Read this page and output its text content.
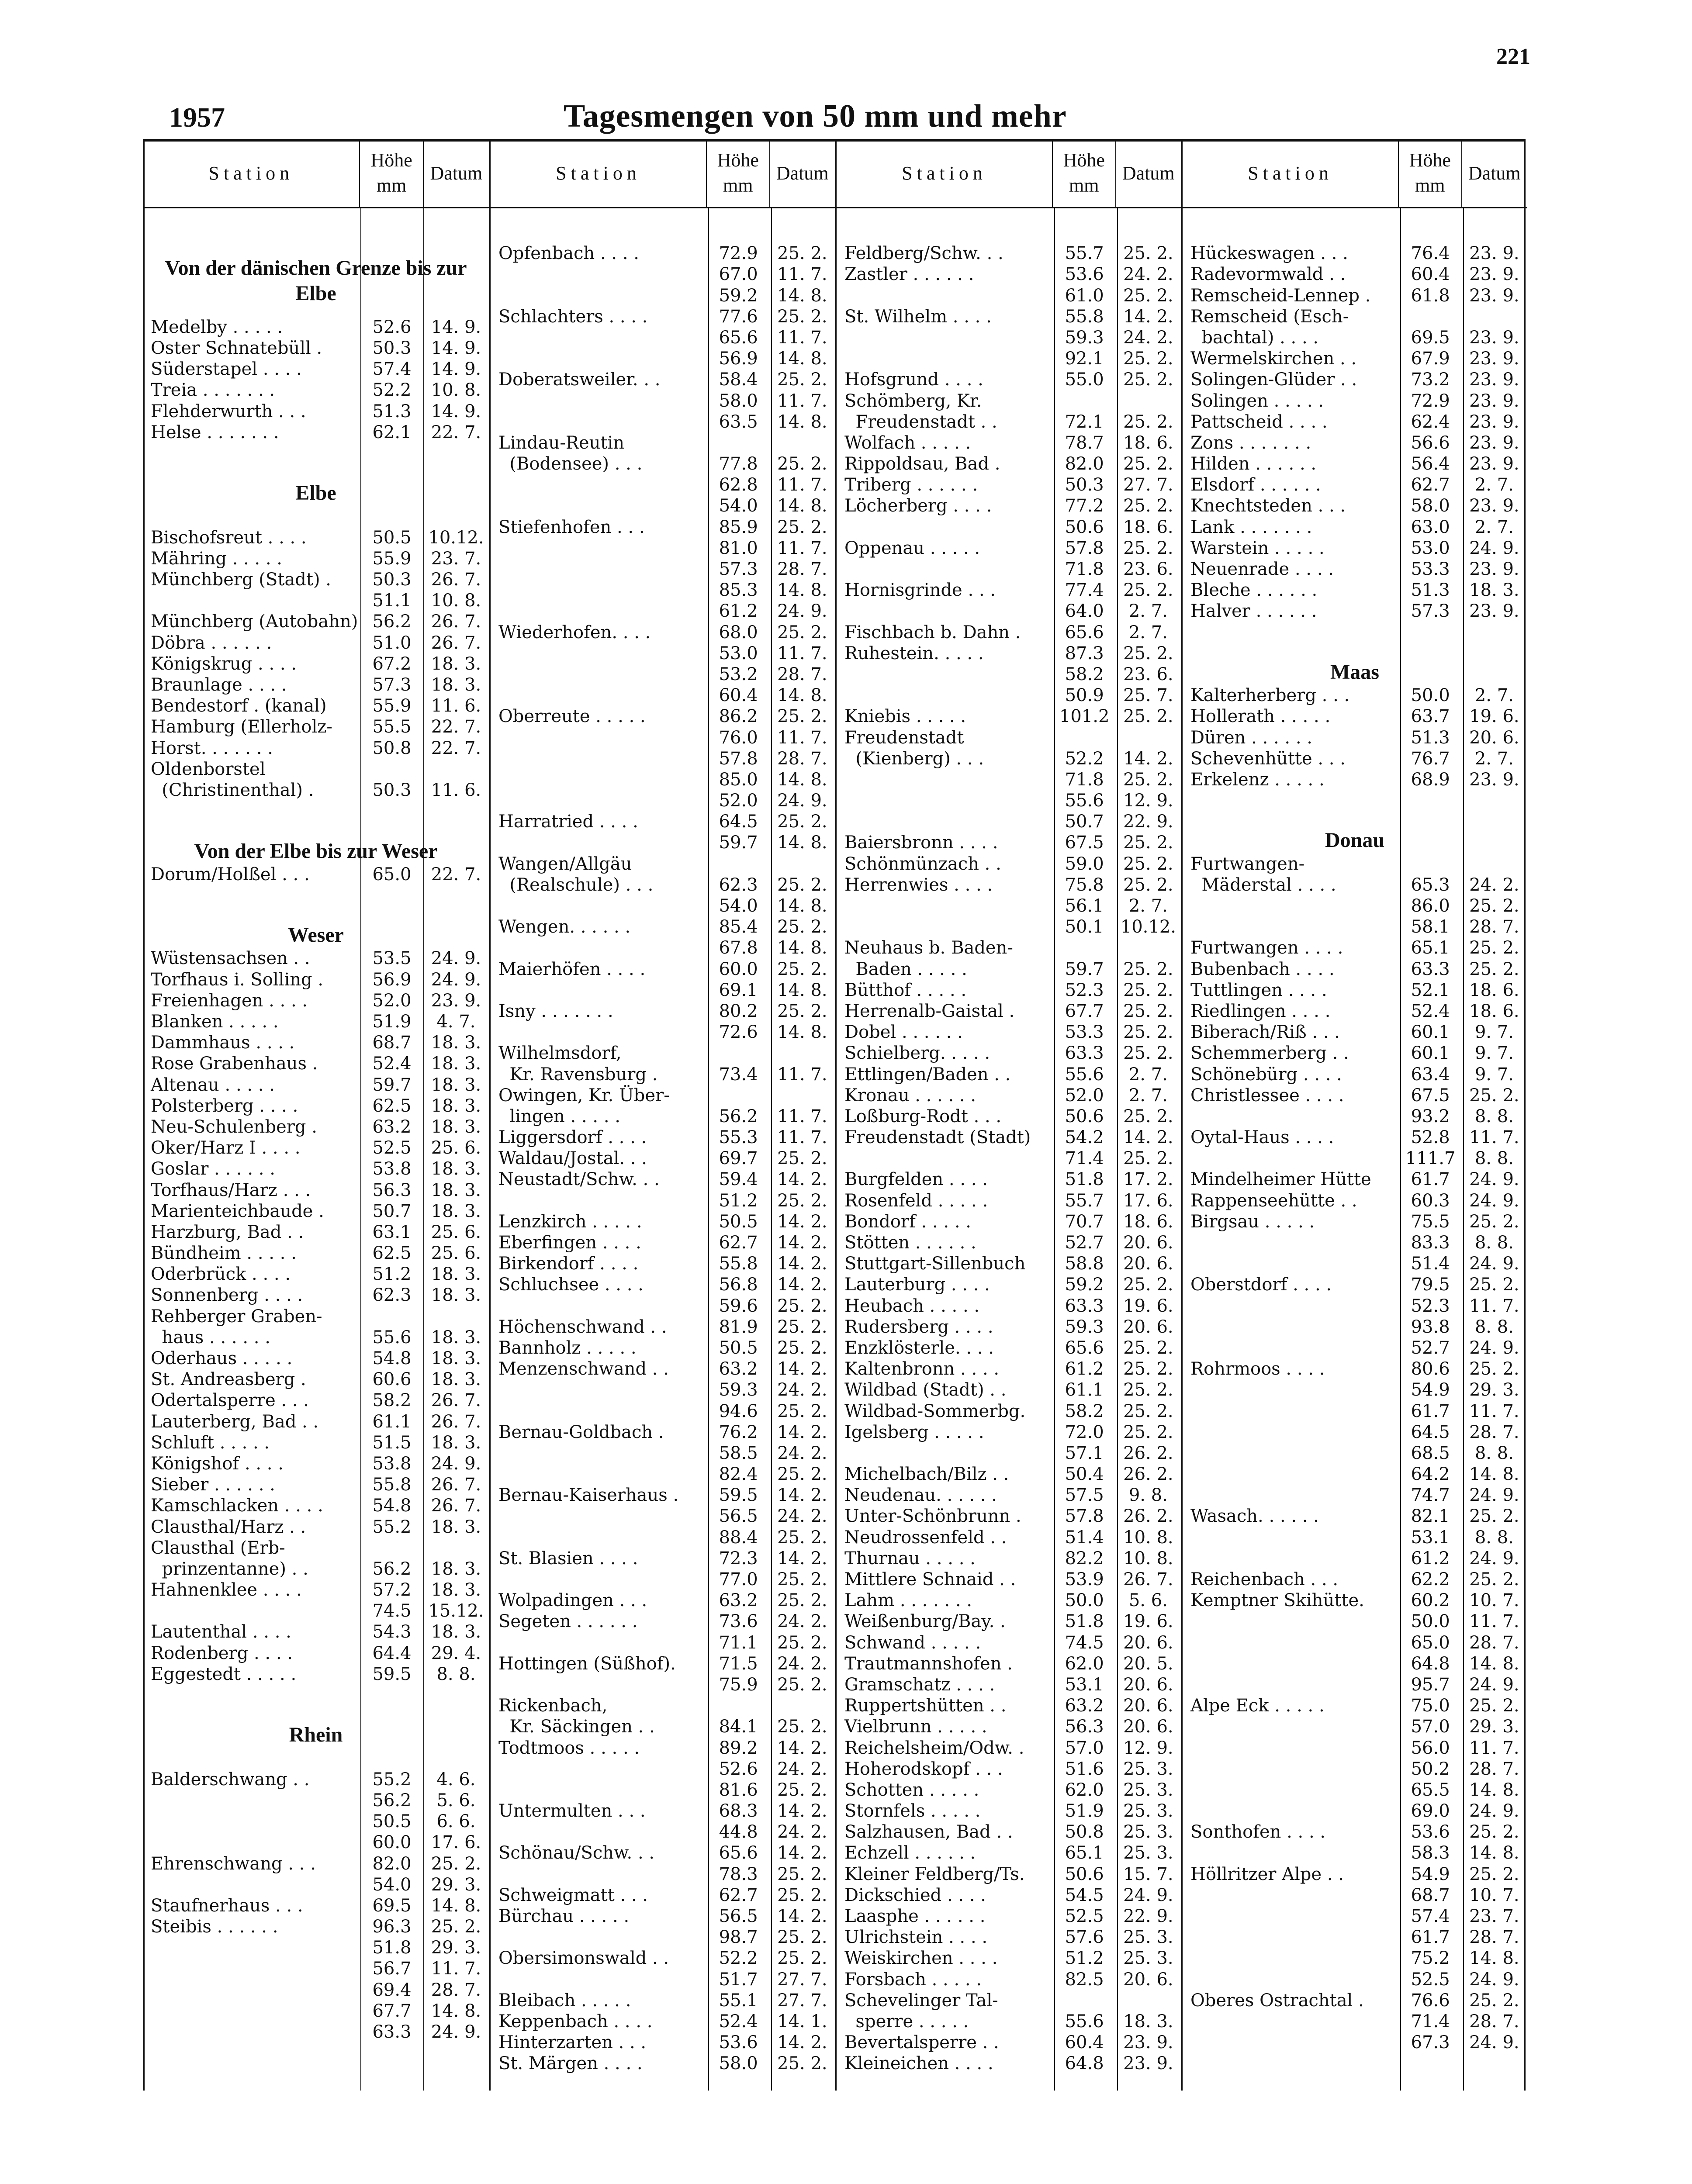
221
1957	Tagesmengen von 50 mm und mehr
Station
Höhe
mm
Datum
Von der dänischen Grenze bis zur Elbe
Medelby . . . . .	52.6	14. 9.
Oster Schnatebüll .	50.3	14. 9.
Süderstapel . . . .	57.4	14. 9.
Treia . . . . . . .	52.2	10. 8.
Flehderwurth . . .	51.3	14. 9.
Helse . . . . . . .	62.1	22. 7.
Elbe
Bischofsreut . . . .	50.5 10.12.
Mähring . . . . .	55.9	23. 7.
Münchberg (Stadt) .	50.3	26. 7.
51.1	10. 8.
Münchberg (Autobahn) 56.2	26. 7.
Döbra . . . . . .	51.0	26. 7.
Königskrug . . . .	67.2	18. 3.
Braunlage . . . .	57.3	18. 3.
Bendestorf . (kanal)	55.9	11. 6.
Hamburg (Ellerholz-	55.5	22. 7.
Horst. . . . . . .	50.8	22. 7.
Oldenborstel
(Christinenthal) .	50.3	11. 6.
Von der Elbe bis zur Weser
Dorum/Holßel . . .	65.0	22. 7.
Weser
Wüstensachsen . .	53.5	24. 9.
Torfhaus i. Solling .	56.9	24. 9.
Freienhagen . . . .	52.0	23. 9.
Blanken . . . . .	51.9	4. 7.
Dammhaus . . . .	68.7	18. 3.
Rose Grabenhaus .	52.4	18. 3.
Altenau . . . . .	59.7	18. 3.
Polsterberg . . . .	62.5	18. 3.
Neu-Schulenberg .	63.2	18. 3.
Oker/Harz I . . . .	52.5	25. 6.
Goslar . . . . . .	53.8	18. 3.
Torfhaus/Harz . . .	56.3	18. 3.
Marienteichbaude .	50.7	18. 3.
Harzburg, Bad . .	63.1	25. 6.
Bündheim . . . . .	62.5	25. 6.
Oderbrück . . . .	51.2	18. 3.
Sonnenberg . . . .	62.3	18. 3.
Rehberger Graben-
haus . . . . . .	55.6	18. 3.
Oderhaus . . . . .	54.8	18. 3.
St. Andreasberg .	60.6	18. 3.
Odertalsperre . . .	58.2	26. 7.
Lauterberg, Bad . .	61.1	26. 7.
Schluft . . . . .	51.5	18. 3.
Königshof . . . .	53.8	24. 9.
Sieber . . . . . .	55.8	26. 7.
Kamschlacken . . . .	54.8	26. 7.
Clausthal/Harz . .	55.2	18. 3.
Clausthal (Erb-
prinzentanne) . .	56.2	18. 3.
Hahnenklee . . . .	57.2	18. 3.
74.5 15.12.
Lautenthal . . . .	54.3	18. 3.
Rodenberg . . . .	64.4	29. 4.
Eggestedt . . . . .	59.5	8. 8.
Rhein
Balderschwang . .	55.2	4. 6.
56.2	5. 6.
50.5	6. 6.
60.0	17. 6.
Ehrenschwang . . .	82.0	25. 2.
54.0	29. 3.
Staufnerhaus . . .	69.5	14. 8.
Steibis . . . . . .	96.3	25. 2.
51.8	29. 3.
56.7	11. 7.
69.4	28. 7.
67.7	14. 8.
63.3	24. 9.
Station
Höhe
mm
Datum
Opfenbach . . . .	72.9	25. 2.
67.0	11. 7.
59.2	14. 8.
Schlachters . . . .	77.6	25. 2.
65.6	11. 7.
56.9	14. 8.
Doberatsweiler. . .	58.4	25. 2.
58.0	11. 7.
63.5	14. 8.
Lindau-Reutin
(Bodensee) . . .	77.8	25. 2.
62.8	11. 7.
54.0	14. 8.
Stiefenhofen . . .	85.9	25. 2.
81.0	11. 7.
57.3	28. 7.
85.3	14. 8.
61.2	24. 9.
Wiederhofen. . . .	68.0	25. 2.
53.0	11. 7.
53.2	28. 7.
60.4	14. 8.
Oberreute . . . . .	86.2	25. 2.
76.0	11. 7.
57.8	28. 7.
85.0	14. 8.
52.0	24. 9.
Harratried . . . .	64.5	25. 2.
59.7	14. 8.
Wangen/Allgäu
(Realschule) . . .	62.3	25. 2.
54.0	14. 8.
Wengen. . . . . .	85.4	25. 2.
67.8	14. 8.
Maierhöfen . . . .	60.0	25. 2.
69.1	14. 8.
Isny . . . . . . .	80.2	25. 2.
72.6	14. 8.
Wilhelmsdorf,
Kr. Ravensburg .	73.4	11. 7.
Owingen, Kr. Über-
lingen . . . . .	56.2	11. 7.
Liggersdorf . . . .	55.3	11. 7.
Waldau/Jostal. . .	69.7	25. 2.
Neustadt/Schw. . .	59.4	14. 2.
51.2	25. 2.
Lenzkirch . . . . .	50.5	14. 2.
Eberfingen . . . .	62.7	14. 2.
Birkendorf . . . .	55.8	14. 2.
Schluchsee . . . .	56.8	14. 2.
59.6	25. 2.
Höchenschwand . .	81.9	25. 2.
Bannholz . . . . .	50.5	25. 2.
Menzenschwand . .	63.2	14. 2.
59.3	24. 2.
94.6	25. 2.
Bernau-Goldbach .	76.2	14. 2.
58.5	24. 2.
82.4	25. 2.
Bernau-Kaiserhaus .	59.5	14. 2.
56.5	24. 2.
88.4	25. 2.
St. Blasien . . . .	72.3	14. 2.
77.0	25. 2.
Wolpadingen . . .	63.2	25. 2.
Segeten . . . . . .	73.6	24. 2.
71.1	25. 2.
Hottingen (Süßhof).	71.5	24. 2.
75.9	25. 2.
Rickenbach,
Kr. Säckingen . .	84.1	25. 2.
Todtmoos . . . . .	89.2	14. 2.
52.6	24. 2.
81.6	25. 2.
Untermulten . . .	68.3	14. 2.
44.8	24. 2.
Schönau/Schw. . .	65.6	14. 2.
78.3	25. 2.
Schweigmatt . . .	62.7	25. 2.
Bürchau . . . . .	56.5	14. 2.
98.7	25. 2.
Obersimonswald . .	52.2	25. 2.
51.7	27. 7.
Bleibach . . . . .	55.1	27. 7.
Keppenbach . . . .	52.4	14. 1.
Hinterzarten . . .	53.6	14. 2.
St. Märgen . . . .	58.0	25. 2.
Station
Höhe
mm
Datum
Feldberg/Schw. . .	55.7	25. 2.
Zastler . . . . . .	53.6	24. 2.
61.0	25. 2.
St. Wilhelm . . . .	55.8	14. 2.
59.3	24. 2.
92.1	25. 2.
Hofsgrund . . . .	55.0	25. 2.
Schömberg, Kr.
Freudenstadt . .	72.1	25. 2.
Wolfach . . . . .	78.7	18. 6.
Rippoldsau, Bad .	82.0	25. 2.
Triberg . . . . . .	50.3	27. 7.
Löcherberg . . . .	77.2	25. 2.
50.6	18. 6.
Oppenau . . . . .	57.8	25. 2.
71.8	23. 6.
Hornisgrinde . . .	77.4	25. 2.
64.0	2. 7.
Fischbach b. Dahn .	65.6	2. 7.
Ruhestein. . . . .	87.3	25. 2.
58.2	23. 6.
50.9	25. 7.
Kniebis . . . . .	101.2 25. 2.
Freudenstadt
(Kienberg) . . .	52.2	14. 2.
71.8	25. 2.
55.6	12. 9.
50.7	22. 9.
Baiersbronn . . . .	67.5	25. 2.
Schönmünzach . .	59.0	25. 2.
Herrenwies . . . .	75.8	25. 2.
56.1	2. 7.
50.1 10.12.
Neuhaus b. Baden-
Baden . . . . .	59.7	25. 2.
Bütthof . . . . .	52.3	25. 2.
Herrenalb-Gaistal .	67.7	25. 2.
Dobel . . . . . .	53.3	25. 2.
Schielberg. . . . .	63.3	25. 2.
Ettlingen/Baden . .	55.6	2. 7.
Kronau . . . . . .	52.0	2. 7.
Loßburg-Rodt . . .	50.6	25. 2.
Freudenstadt (Stadt)	54.2	14. 2.
71.4	25. 2.
Burgfelden . . . .	51.8	17. 2.
Rosenfeld . . . . .	55.7	17. 6.
Bondorf . . . . .	70.7	18. 6.
Stötten . . . . . .	52.7	20. 6.
Stuttgart-Sillenbuch	58.8	20. 6.
Lauterburg . . . .	59.2	25. 2.
Heubach . . . . .	63.3	19. 6.
Rudersberg . . . .	59.3	20. 6.
Enzklösterle. . . .	65.6	25. 2.
Kaltenbronn . . . .	61.2	25. 2.
Wildbad (Stadt) . .	61.1	25. 2.
Wildbad-Sommerbg.	58.2	25. 2.
Igelsberg . . . . .	72.0	25. 2.
57.1	26. 2.
Michelbach/Bilz . .	50.4	26. 2.
Neudenau. . . . . .	57.5	9. 8.
Unter-Schönbrunn .	57.8	26. 2.
Neudrossenfeld . .	51.4	10. 8.
Thurnau . . . . .	82.2	10. 8.
Mittlere Schnaid . .	53.9	26. 7.
Lahm . . . . . . .	50.0	5. 6.
Weißenburg/Bay. .	51.8	19. 6.
Schwand . . . . .	74.5	20. 6.
Trautmannshofen .	62.0	20. 5.
Gramschatz . . . .	53.1	20. 6.
Ruppertshütten . .	63.2	20. 6.
Vielbrunn . . . . .	56.3	20. 6.
Reichelsheim/Odw. .	57.0	12. 9.
Hoherodskopf . . .	51.6	25. 3.
Schotten . . . . .	62.0	25. 3.
Stornfels . . . . .	51.9	25. 3.
Salzhausen, Bad . .	50.8	25. 3.
Echzell . . . . . .	65.1	25. 3.
Kleiner Feldberg/Ts.	50.6	15. 7.
Dickschied . . . .	54.5	24. 9.
Laasphe . . . . . .	52.5	22. 9.
Ulrichstein . . . .	57.6	25. 3.
Weiskirchen . . . .	51.2	25. 3.
Forsbach . . . . .	82.5	20. 6.
Schevelinger Tal-
sperre . . . . .	55.6	18. 3.
Bevertalsperre . .	60.4	23. 9.
Kleineichen . . . .	64.8	23. 9.
Station
Höhe
mm
Datum
Hückeswagen . . .	76.4	23. 9.
Radevormwald . .	60.4	23. 9.
Remscheid-Lennep .	61.8	23. 9.
Remscheid (Esch-
bachtal) . . . .	69.5	23. 9.
Wermelskirchen . .	67.9	23. 9.
Solingen-Glüder . .	73.2	23. 9.
Solingen . . . . .	72.9	23. 9.
Pattscheid . . . .	62.4	23. 9.
Zons . . . . . . .	56.6	23. 9.
Hilden . . . . . .	56.4	23. 9.
Elsdorf . . . . . .	62.7	2. 7.
Knechtsteden . . .	58.0	23. 9.
Lank . . . . . . .	63.0	2. 7.
Warstein . . . . .	53.0	24. 9.
Neuenrade . . . .	53.3	23. 9.
Bleche . . . . . .	51.3	18. 3.
Halver . . . . . .	57.3	23. 9.
Maas
Kalterherberg . . .	50.0	2. 7.
Hollerath . . . . .	63.7	19. 6.
Düren . . . . . .	51.3	20. 6.
Schevenhütte . . .	76.7	2. 7.
Erkelenz . . . . .	68.9	23. 9.
Donau
Furtwangen-
Mäderstal . . . .	65.3	24. 2.
86.0	25. 2.
58.1	28. 7.
Furtwangen . . . .	65.1	25. 2.
Bubenbach . . . .	63.3	25. 2.
Tuttlingen . . . .	52.1	18. 6.
Riedlingen . . . .	52.4	18. 6.
Biberach/Riß . . .	60.1	9. 7.
Schemmerberg . .	60.1	9. 7.
Schönebürg . . . .	63.4	9. 7.
Christlessee . . . .	67.5	25. 2.
93.2	8. 8.
Oytal-Haus . . . .	52.8	11. 7.
111.7	8. 8.
Mindelheimer Hütte	61.7	24. 9.
Rappenseehütte . .	60.3	24. 9.
Birgsau . . . . .	75.5	25. 2.
83.3	8. 8.
51.4	24. 9.
Oberstdorf . . . .	79.5	25. 2.
52.3	11. 7.
93.8	8. 8.
52.7	24. 9.
Rohrmoos . . . .	80.6	25. 2.
54.9	29. 3.
61.7	11. 7.
64.5	28. 7.
68.5	8. 8.
64.2	14. 8.
74.7	24. 9.
Wasach. . . . . .	82.1	25. 2.
53.1	8. 8.
61.2	24. 9.
Reichenbach . . .	62.2	25. 2.
Kemptner Skihütte.	60.2	10. 7.
50.0	11. 7.
65.0	28. 7.
64.8	14. 8.
95.7	24. 9.
Alpe Eck . . . . .	75.0	25. 2.
57.0	29. 3.
56.0	11. 7.
50.2	28. 7.
65.5	14. 8.
69.0	24. 9.
Sonthofen . . . .	53.6	25. 2.
58.3	14. 8.
Höllritzer Alpe . .	54.9	25. 2.
68.7	10. 7.
57.4	23. 7.
61.7	28. 7.
75.2	14. 8.
52.5	24. 9.
Oberes Ostrachtal .	76.6	25. 2.
71.4	28. 7.
67.3	24. 9.
